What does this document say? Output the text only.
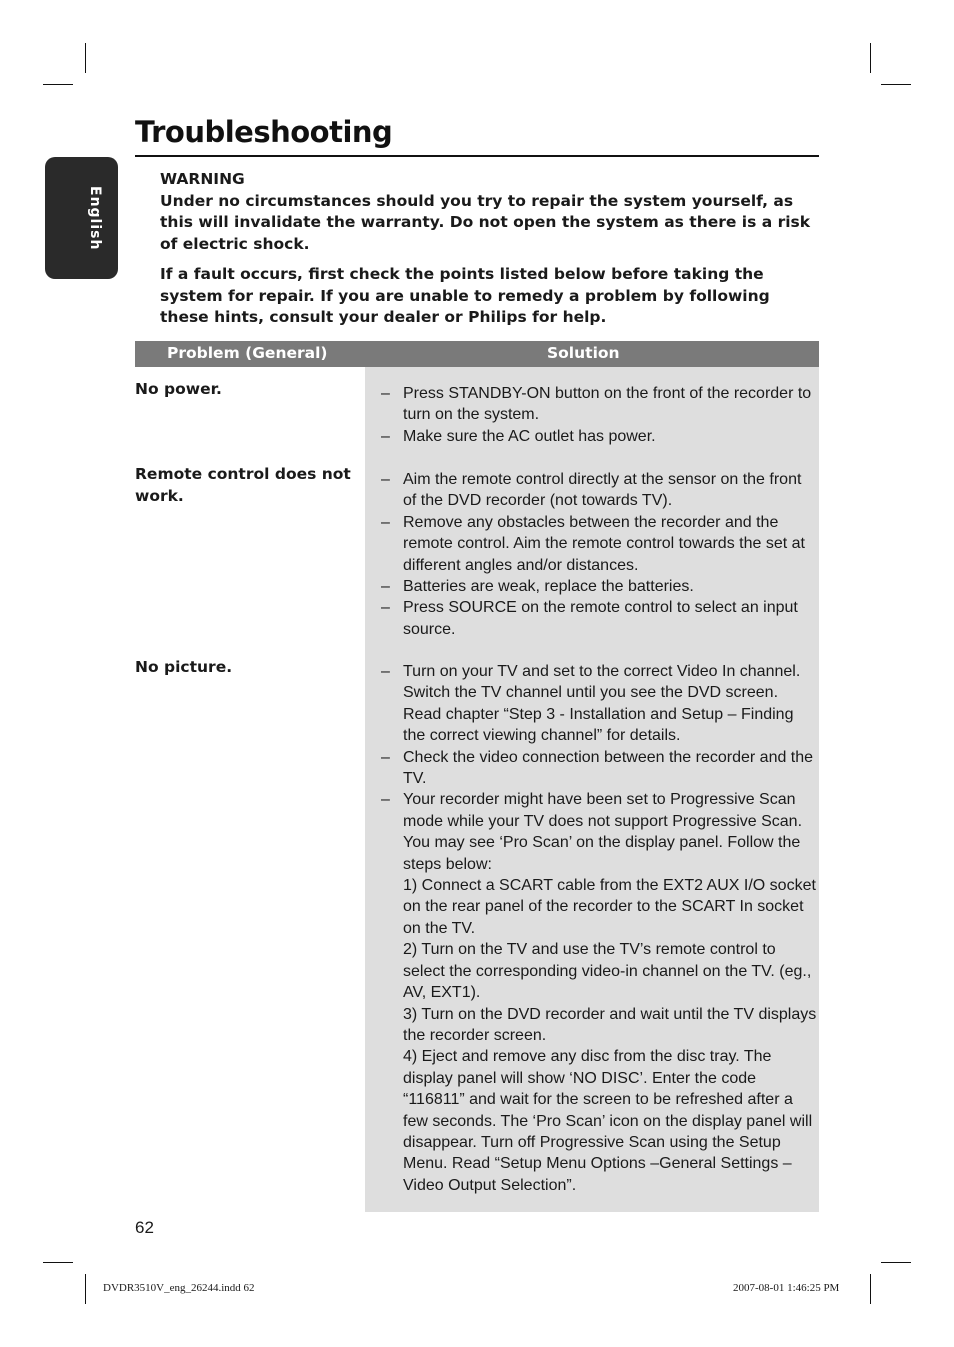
English
Troubleshooting

WARNING

Under no circumstances should you try to repair the system yourself, as this will invalidate the warranty. Do not open the system as there is a risk of electric shock.

If a fault occurs, first check the points listed below before taking the system for repair. If you are unable to remedy a problem by following these hints, consult your dealer or Philips for help.

Problem (General)	Solution
No power.	– Press STANDBY-ON button on the front of the recorder to turn on the system.
– Make sure the AC outlet has power.
Remote control does not work.
– Aim the remote control directly at the sensor on the front of the DVD recorder (not towards TV).
– Remove any obstacles between the recorder and the remote control. Aim the remote control towards the set at different angles and/or distances.
– Batteries are weak, replace the batteries.
– Press SOURCE on the remote control to select an input source.
No picture.	– Turn on your TV and set to the correct Video In channel. Switch the TV channel until you see the DVD screen. Read chapter “Step 3 - Installation and Setup – Finding the correct viewing channel” for details.
– Check the video connection between the recorder and the TV.
– Your recorder might have been set to Progressive Scan mode while your TV does not support Progressive Scan. You may see ‘Pro Scan’ on the display panel. Follow the steps below:
1) Connect a SCART cable from the EXT2 AUX I/O socket on the rear panel of the recorder to the SCART In socket on the TV.
2) Turn on the TV and use the TV’s remote control to select the corresponding video-in channel on the TV. (eg., AV, EXT1).
3) Turn on the DVD recorder and wait until the TV displays the recorder screen.
4) Eject and remove any disc from the disc tray. The display panel will show ‘NO DISC’. Enter the code “116811” and wait for the screen to be refreshed after a few seconds. The ‘Pro Scan’ icon on the display panel will disappear. Turn off Progressive Scan using the Setup Menu. Read “Setup Menu Options –General Settings – Video Output Selection”.
62
DVDR3510V_eng_26244.indd 62	2007-08-01 1:46:25 PM
